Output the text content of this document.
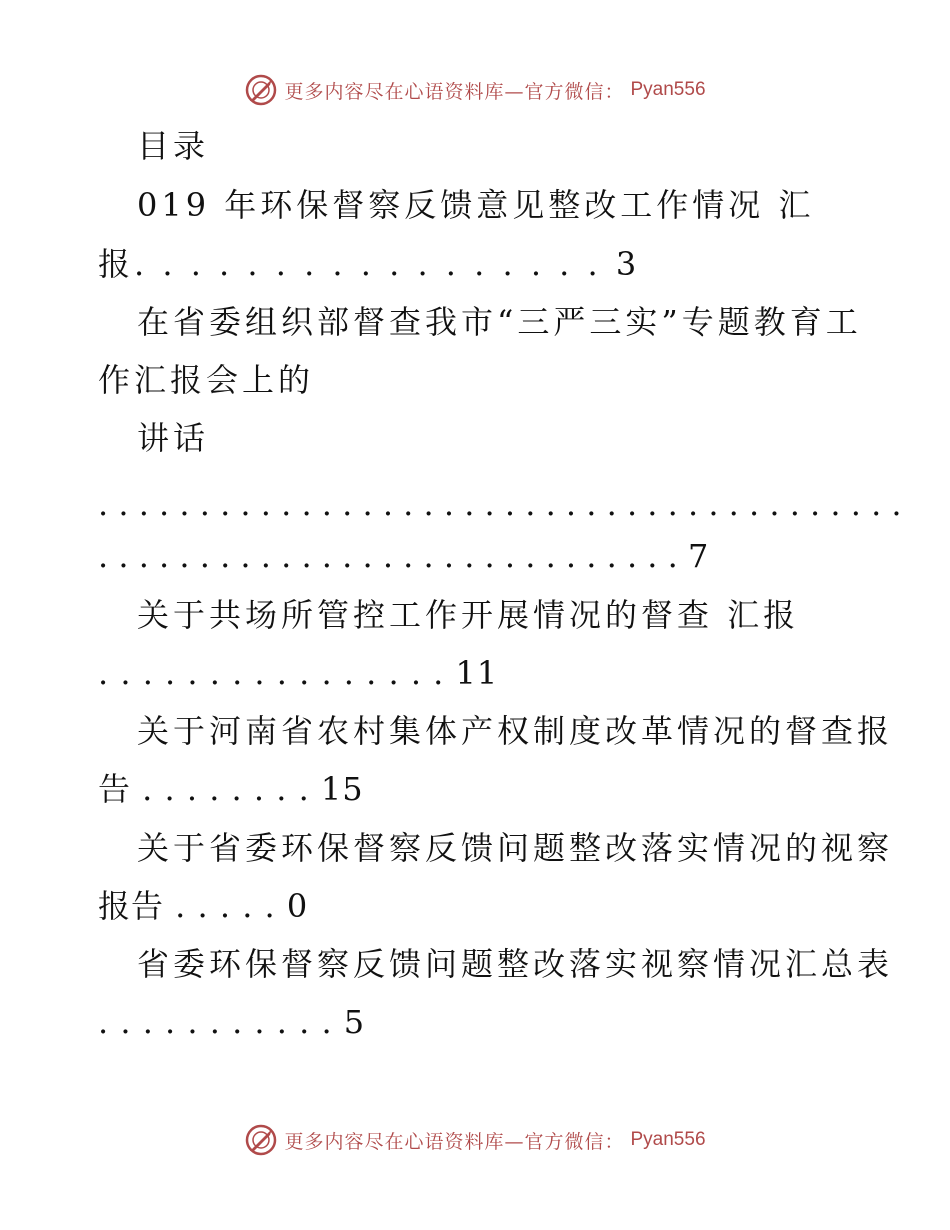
更多内容尽在心语资料库—官方微信： Pyan556
目录
019 年环保督察反馈意见整改工作情况 汇
报. . . . . . . . . . . . . . . . . 3
在省委组织部督查我市“三严三实”专题教育工
作汇报会上的
讲话
. . . . . . . . . . . . . . . . . . . . . . . . . . . . . . . . . . . . . . . .
. . . . . . . . . . . . . . . . . . . . . . . . . . . . . 7
关于共场所管控工作开展情况的督查 汇报
. . . . . . . . . . . . . . . . 11
关于河南省农村集体产权制度改革情况的督查报
告 . . . . . . . . 15
关于省委环保督察反馈问题整改落实情况的视察
报告 . . . . . 0
省委环保督察反馈问题整改落实视察情况汇总表
. . . . . . . . . . . 5
更多内容尽在心语资料库—官方微信： Pyan556
